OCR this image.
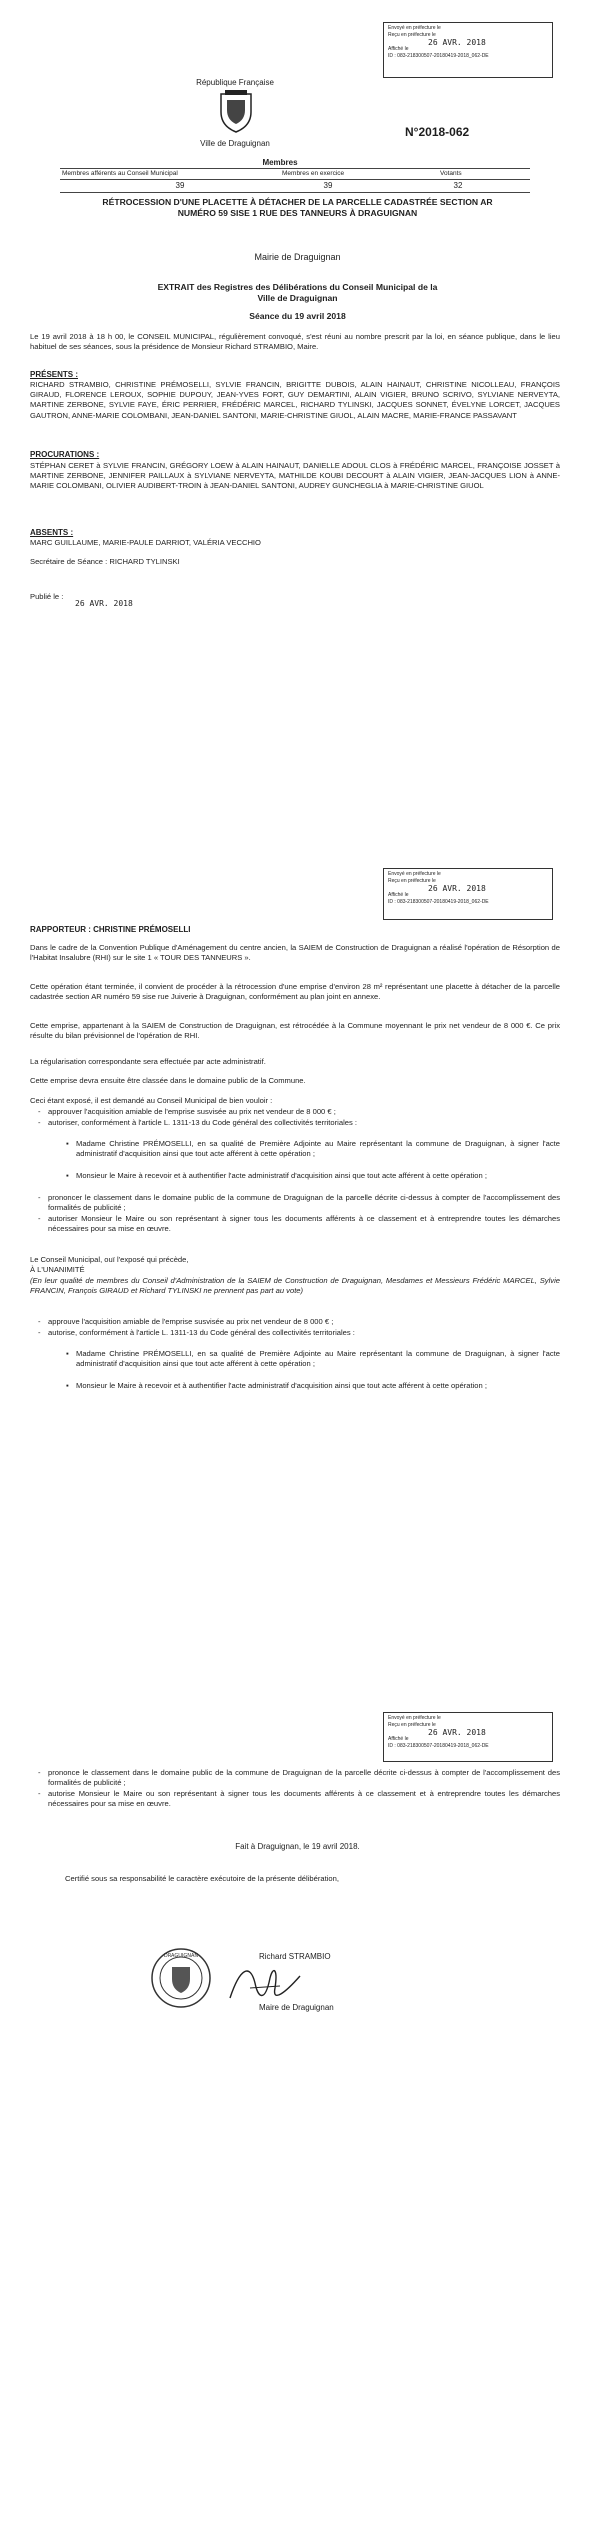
Envoyé en préfecture le
Reçu en préfecture le
26 AVR. 2018
Affiché le
ID : 083-218300507-20180419-2018_062-DE
République Française
Ville de Draguignan
N°2018-062
Membres
Membres afférents au Conseil Municipal	Membres en exercice	Votants
39	39	32
RÉTROCESSION D'UNE PLACETTE À DÉTACHER DE LA PARCELLE CADASTRÉE SECTION AR NUMÉRO 59 SISE 1 RUE DES TANNEURS À DRAGUIGNAN
Mairie de Draguignan
EXTRAIT des Registres des Délibérations du Conseil Municipal de la Ville de Draguignan
Séance du 19 avril 2018
Le 19 avril 2018 à 18 h 00, le CONSEIL MUNICIPAL, régulièrement convoqué, s'est réuni au nombre prescrit par la loi, en séance publique, dans le lieu habituel de ses séances, sous la présidence de Monsieur Richard STRAMBIO, Maire.
PRÉSENTS :
RICHARD STRAMBIO, CHRISTINE PRÉMOSELLI, SYLVIE FRANCIN, BRIGITTE DUBOIS, ALAIN HAINAUT, CHRISTINE NICOLLEAU, FRANÇOIS GIRAUD, FLORENCE LEROUX, SOPHIE DUPOUY, JEAN-YVES FORT, GUY DEMARTINI, ALAIN VIGIER, BRUNO SCRIVO, SYLVIANE NERVEYTA, MARTINE ZERBONE, SYLVIE FAYE, ÉRIC PERRIER, FRÉDÉRIC MARCEL, RICHARD TYLINSKI, JACQUES SONNET, ÉVELYNE LORCET, JACQUES GAUTRON, ANNE-MARIE COLOMBANI, JEAN-DANIEL SANTONI, MARIE-CHRISTINE GIUOL, ALAIN MACRE, MARIE-FRANCE PASSAVANT
PROCURATIONS :
STÉPHAN CERET à SYLVIE FRANCIN, GRÉGORY LOEW à ALAIN HAINAUT, DANIELLE ADOUL CLOS à FRÉDÉRIC MARCEL, FRANÇOISE JOSSET à MARTINE ZERBONE, JENNIFER PAILLAUX à SYLVIANE NERVEYTA, MATHILDE KOUBI DECOURT à ALAIN VIGIER, JEAN-JACQUES LION à ANNE-MARIE COLOMBANI, OLIVIER AUDIBERT-TROIN à JEAN-DANIEL SANTONI, AUDREY GUNCHEGLIA à MARIE-CHRISTINE GIUOL
ABSENTS :
MARC GUILLAUME, MARIE-PAULE DARRIOT, VALÉRIA VECCHIO
Secrétaire de Séance : RICHARD TYLINSKI
Publié le :
26 AVR. 2018
Envoyé en préfecture le
Reçu en préfecture le
26 AVR. 2018
Affiché le
ID : 083-218300507-20180419-2018_062-DE
RAPPORTEUR : CHRISTINE PRÉMOSELLI
Dans le cadre de la Convention Publique d'Aménagement du centre ancien, la SAIEM de Construction de Draguignan a réalisé l'opération de Résorption de l'Habitat Insalubre (RHI) sur le site 1 « TOUR DES TANNEURS ».
Cette opération étant terminée, il convient de procéder à la rétrocession d'une emprise d'environ 28 m² représentant une placette à détacher de la parcelle cadastrée section AR numéro 59 sise rue Juiverie à Draguignan, conformément au plan joint en annexe.
Cette emprise, appartenant à la SAIEM de Construction de Draguignan, est rétrocédée à la Commune moyennant le prix net vendeur de 8 000 €. Ce prix résulte du bilan prévisionnel de l'opération de RHI.
La régularisation correspondante sera effectuée par acte administratif.
Cette emprise devra ensuite être classée dans le domaine public de la Commune.
Ceci étant exposé, il est demandé au Conseil Municipal de bien vouloir :
- approuver l'acquisition amiable de l'emprise susvisée au prix net vendeur de 8 000 € ;
- autoriser, conformément à l'article L. 1311-13 du Code général des collectivités territoriales :
▪ Madame Christine PRÉMOSELLI, en sa qualité de Première Adjointe au Maire représentant la commune de Draguignan, à signer l'acte administratif d'acquisition ainsi que tout acte afférent à cette opération ;
▪ Monsieur le Maire à recevoir et à authentifier l'acte administratif d'acquisition ainsi que tout acte afférent à cette opération ;
- prononcer le classement dans le domaine public de la commune de Draguignan de la parcelle décrite ci-dessus à compter de l'accomplissement des formalités de publicité ;
- autoriser Monsieur le Maire ou son représentant à signer tous les documents afférents à ce classement et à entreprendre toutes les démarches nécessaires pour sa mise en œuvre.
Le Conseil Municipal, ouï l'exposé qui précède,
À L'UNANIMITÉ
(En leur qualité de membres du Conseil d'Administration de la SAIEM de Construction de Draguignan, Mesdames et Messieurs Frédéric MARCEL, Sylvie FRANCIN, François GIRAUD et Richard TYLINSKI ne prennent pas part au vote)
- approuve l'acquisition amiable de l'emprise susvisée au prix net vendeur de 8 000 € ;
- autorise, conformément à l'article L. 1311-13 du Code général des collectivités territoriales :
▪ Madame Christine PRÉMOSELLI, en sa qualité de Première Adjointe au Maire représentant la commune de Draguignan, à signer l'acte administratif d'acquisition ainsi que tout acte afférent à cette opération ;
▪ Monsieur le Maire à recevoir et à authentifier l'acte administratif d'acquisition ainsi que tout acte afférent à cette opération ;
Envoyé en préfecture le
Reçu en préfecture le
26 AVR. 2018
Affiché le
ID : 083-218300507-20180419-2018_062-DE
- prononce le classement dans le domaine public de la commune de Draguignan de la parcelle décrite ci-dessus à compter de l'accomplissement des formalités de publicité ;
- autorise Monsieur le Maire ou son représentant à signer tous les documents afférents à ce classement et à entreprendre toutes les démarches nécessaires pour sa mise en œuvre.
Fait à Draguignan, le 19 avril 2018.
Certifié sous sa responsabilité le caractère exécutoire de la présente délibération,
DRAGUIGNAN	Richard STRAMBIO
Maire de Draguignan
